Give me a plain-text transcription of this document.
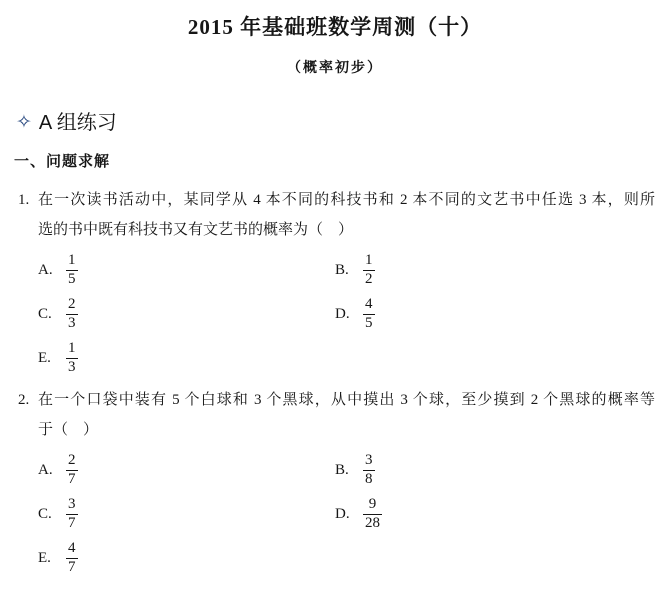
2015 年基础班数学周测（十）
（概率初步）
✧ A 组练习
一、问题求解
1. 在一次读书活动中，某同学从 4 本不同的科技书和 2 本不同的文艺书中任选 3 本，则所
选的书中既有科技书又有文艺书的概率为（　）
A. $\frac{1}{5}$	B. $\frac{1}{2}$
C. $\frac{2}{3}$	D. $\frac{4}{5}$
E.	$\frac{1}{3}$
2. 在一个口袋中装有 5 个白球和 3 个黑球，从中摸出 3 个球，至少摸到 2 个黑球的概率等
于（　）
A. $\frac{2}{7}$	B. $\frac{3}{8}$
C. $\frac{3}{7}$	D. $\frac{9}{28}$
E.	$\frac{4}{7}$
